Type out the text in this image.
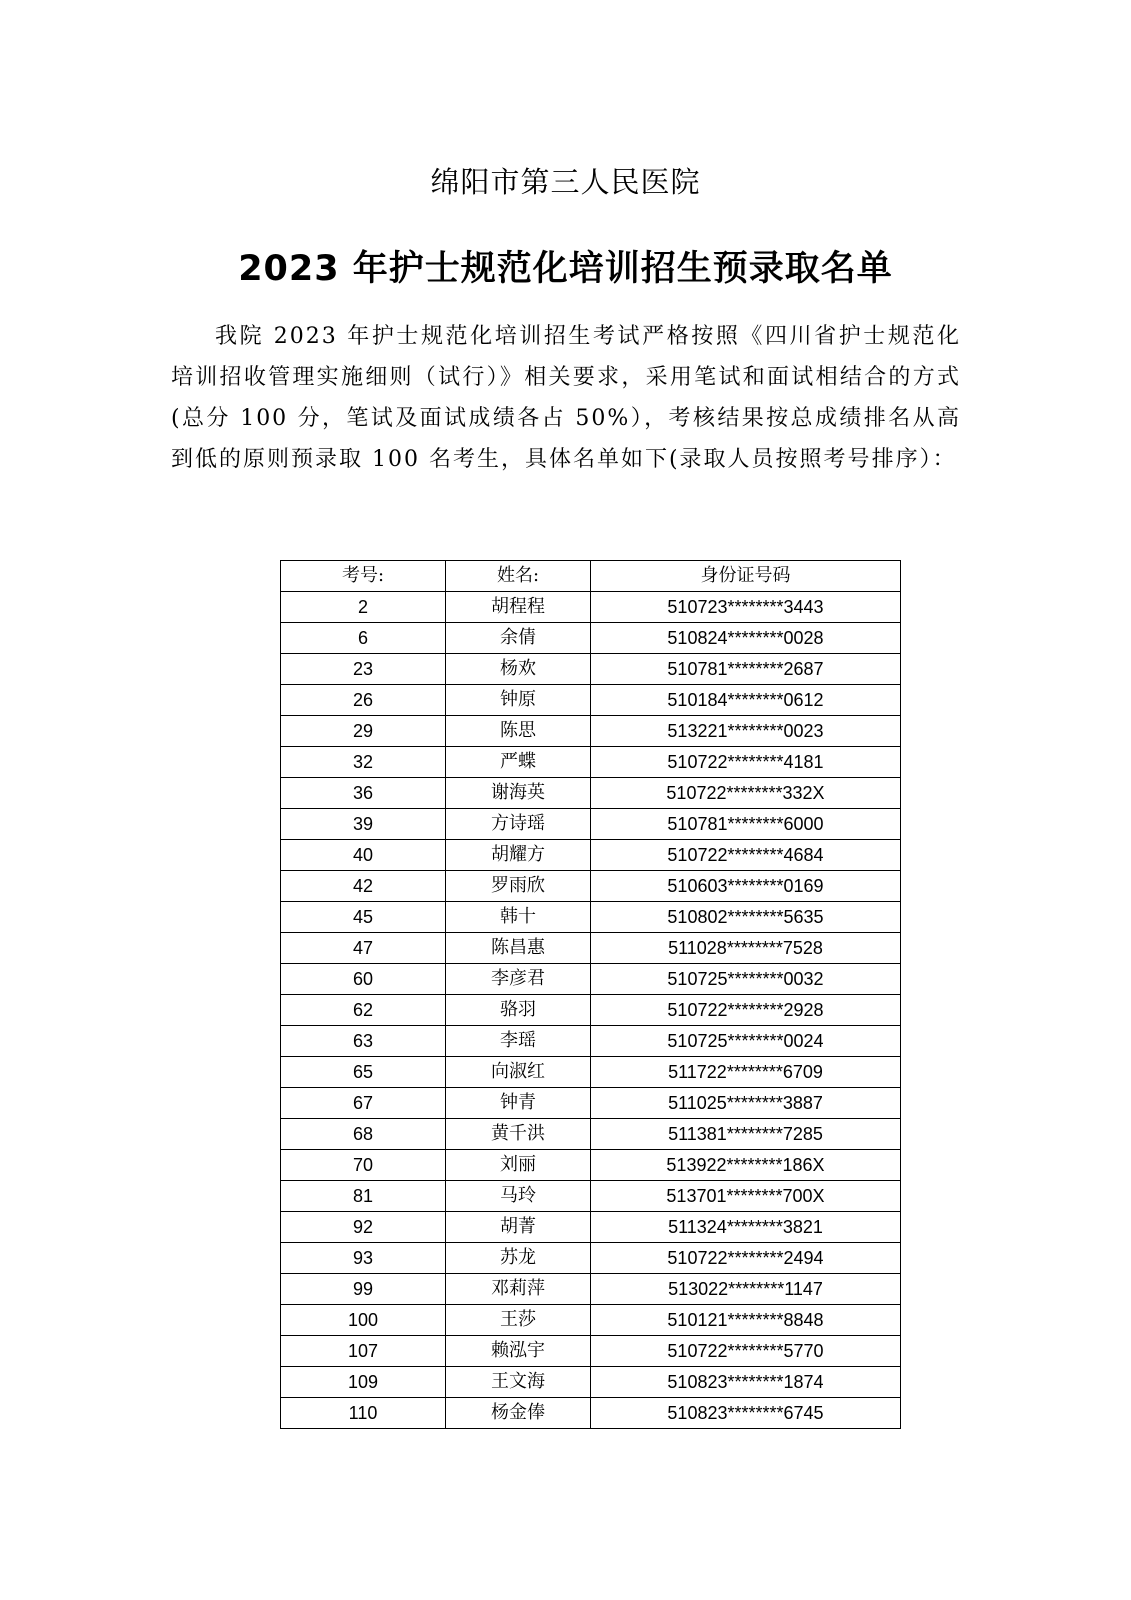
绵阳市第三人民医院
2023 年护士规范化培训招生预录取名单

我院 2023 年护士规范化培训招生考试严格按照《四川省护士规范化培训招收管理实施细则（试行）》相关要求，采用笔试和面试相结合的方式(总分 100 分，笔试及面试成绩各占 50%），考核结果按总成绩排名从高到低的原则预录取 100 名考生，具体名单如下(录取人员按照考号排序）：

考号:	姓名:	身份证号码
2	胡程程	510723********3443
6	余倩	510824********0028
23	杨欢	510781********2687
26	钟原	510184********0612
29	陈思	513221********0023
32	严蝶	510722********4181
36	谢海英	510722********332X
39	方诗瑶	510781********6000
40	胡耀方	510722********4684
42	罗雨欣	510603********0169
45	韩十	510802********5635
47	陈昌惠	511028********7528
60	李彦君	510725********0032
62	骆羽	510722********2928
63	李瑶	510725********0024
65	向淑红	511722********6709
67	钟青	511025********3887
68	黄千洪	511381********7285
70	刘丽	513922********186X
81	马玲	513701********700X
92	胡菁	511324********3821
93	苏龙	510722********2494
99	邓莉萍	513022********1147
100	王莎	510121********8848
107	赖泓宇	510722********5770
109	王文海	510823********1874
110	杨金俸	510823********6745
